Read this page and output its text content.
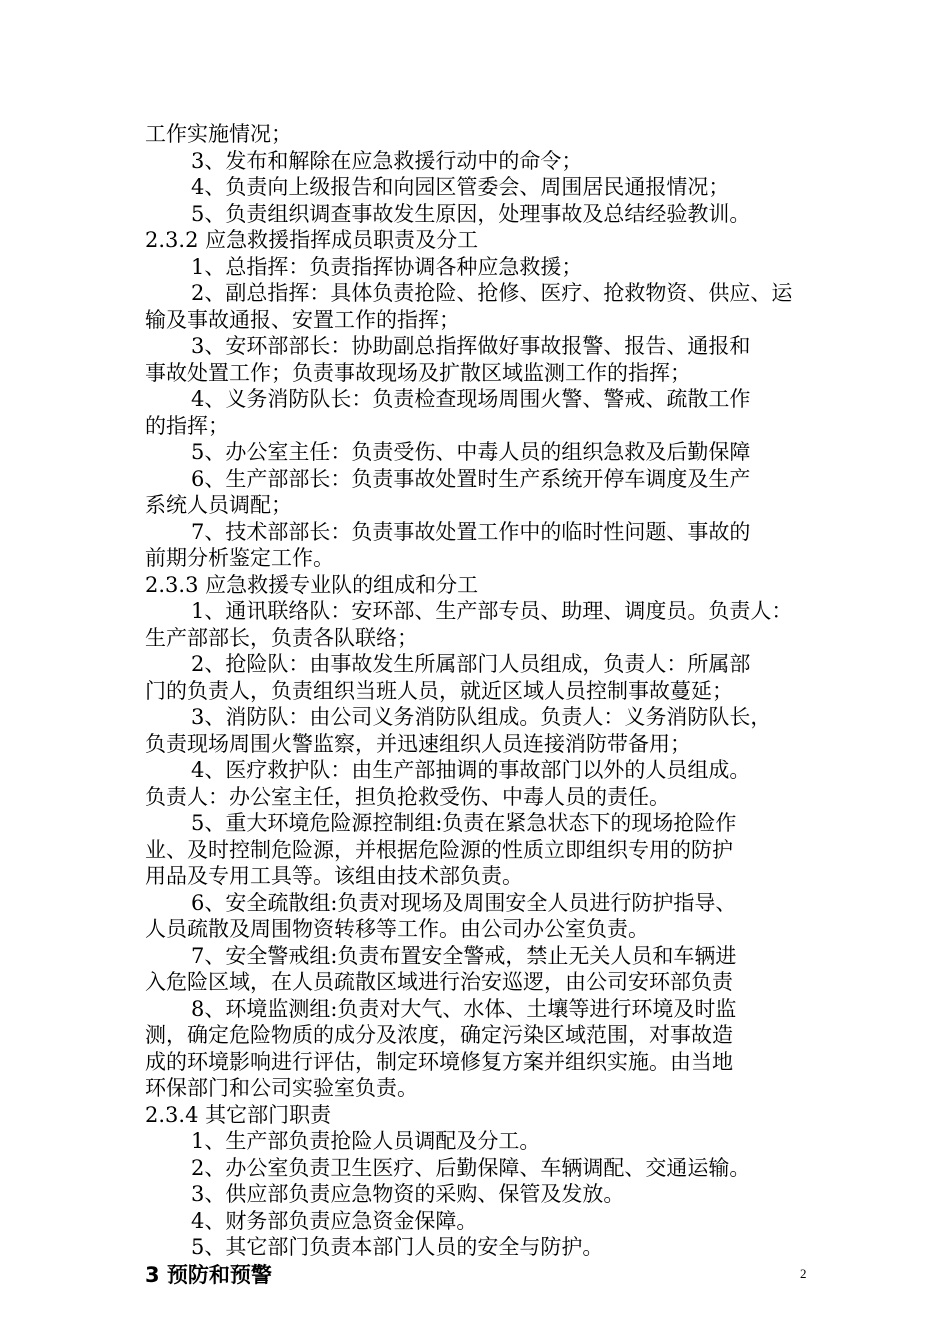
工作实施情况；
3、发布和解除在应急救援行动中的命令；
4、负责向上级报告和向园区管委会、周围居民通报情况；
5、负责组织调查事故发生原因，处理事故及总结经验教训。
2.3.2 应急救援指挥成员职责及分工
1、总指挥：负责指挥协调各种应急救援；
2、副总指挥：具体负责抢险、抢修、医疗、抢救物资、供应、运
输及事故通报、安置工作的指挥；
3、安环部部长：协助副总指挥做好事故报警、报告、通报和
事故处置工作；负责事故现场及扩散区域监测工作的指挥；
4、义务消防队长：负责检查现场周围火警、警戒、疏散工作
的指挥；
5、办公室主任：负责受伤、中毒人员的组织急救及后勤保障
6、生产部部长：负责事故处置时生产系统开停车调度及生产
系统人员调配；
7、技术部部长：负责事故处置工作中的临时性问题、事故的
前期分析鉴定工作。
2.3.3 应急救援专业队的组成和分工
1、通讯联络队：安环部、生产部专员、助理、调度员。负责人：
生产部部长，负责各队联络；
2、抢险队：由事故发生所属部门人员组成，负责人：所属部
门的负责人，负责组织当班人员，就近区域人员控制事故蔓延；
3、消防队：由公司义务消防队组成。负责人：义务消防队长，
负责现场周围火警监察，并迅速组织人员连接消防带备用；
4、医疗救护队：由生产部抽调的事故部门以外的人员组成。
负责人：办公室主任，担负抢救受伤、中毒人员的责任。
5、重大环境危险源控制组:负责在紧急状态下的现场抢险作
业、及时控制危险源，并根据危险源的性质立即组织专用的防护
用品及专用工具等。该组由技术部负责。
6、安全疏散组:负责对现场及周围安全人员进行防护指导、
人员疏散及周围物资转移等工作。由公司办公室负责。
7、安全警戒组:负责布置安全警戒，禁止无关人员和车辆进
入危险区域，在人员疏散区域进行治安巡逻，由公司安环部负责
8、环境监测组:负责对大气、水体、土壤等进行环境及时监
测，确定危险物质的成分及浓度，确定污染区域范围，对事故造
成的环境影响进行评估，制定环境修复方案并组织实施。由当地
环保部门和公司实验室负责。
2.3.4 其它部门职责
1、生产部负责抢险人员调配及分工。
2、办公室负责卫生医疗、后勤保障、车辆调配、交通运输。
3、供应部负责应急物资的采购、保管及发放。
4、财务部负责应急资金保障。
5、其它部门负责本部门人员的安全与防护。
3 预防和预警	2
